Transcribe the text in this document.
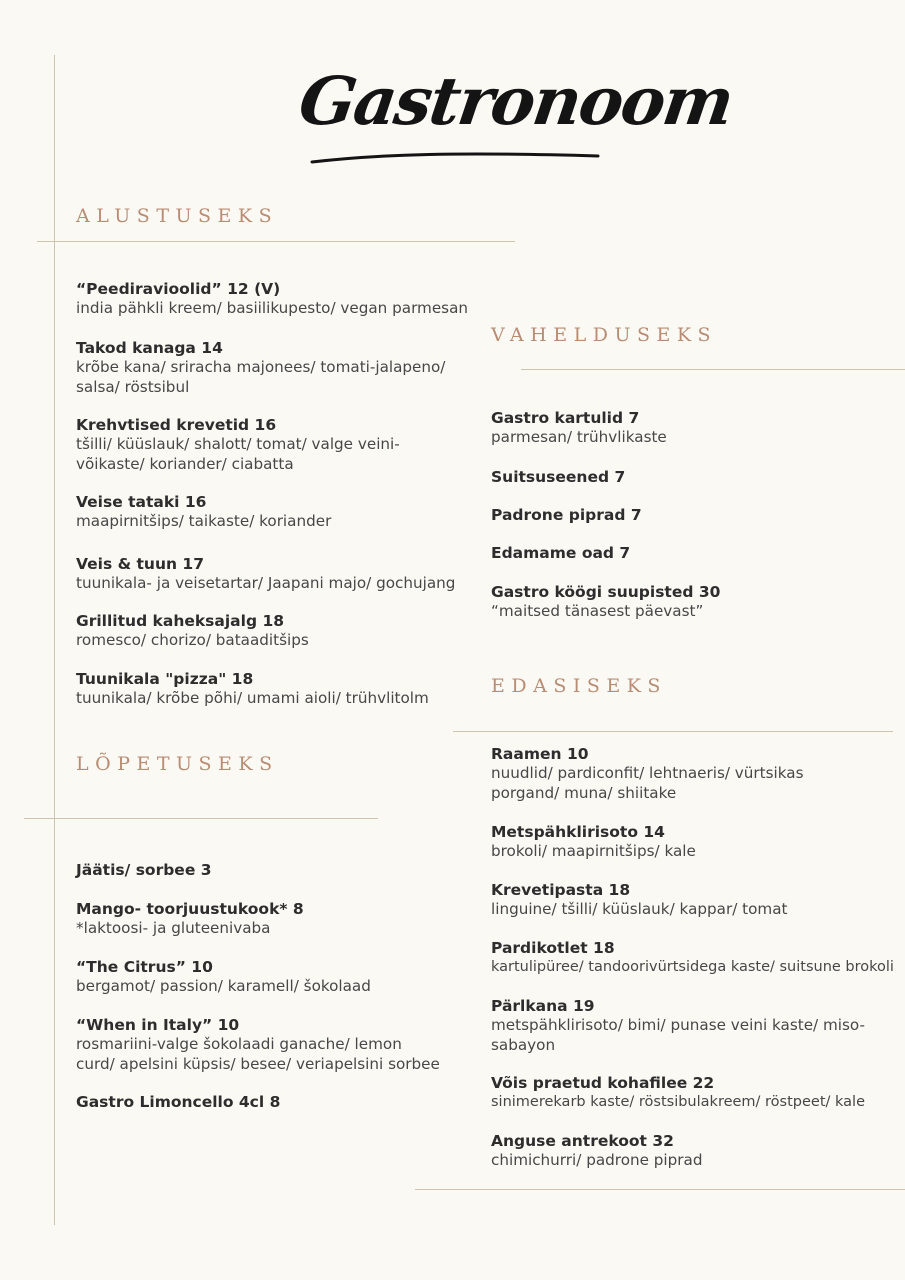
Gastronoom
ALUSTUSEKS
VAHELDUSEKS
EDASISEKS
LÕPETUSEKS
“Peediravioolid” 12 (V)
india pähkli kreem/ basiilikupesto/ vegan parmesan
Takod kanaga 14
krõbe kana/ sriracha majonees/ tomati-jalapeno/ salsa/ röstsibul
Krehvtised krevetid 16
tšilli/ küüslauk/ shalott/ tomat/ valge veini-võikaste/ koriander/ ciabatta
Veise tataki 16
maapirnitšips/ taikaste/ koriander
Veis & tuun 17
tuunikala- ja veisetartar/ Jaapani majo/ gochujang
Grillitud kaheksajalg 18
romesco/ chorizo/ bataaditšips
Tuunikala "pizza" 18
tuunikala/ krõbe põhi/ umami aioli/ trühvlitolm
Gastro kartulid 7
parmesan/ trühvlikaste
Suitsuseened 7
Padrone piprad 7
Edamame oad 7
Gastro köögi suupisted 30
“maitsed tänasest päevast”
Raamen 10
nuudlid/ pardiconfit/ lehtnaeris/ vürtsikas porgand/ muna/ shiitake
Metspähklirisoto 14
brokoli/ maapirnitšips/ kale
Krevetipasta 18
linguine/ tšilli/ küüslauk/ kappar/ tomat
Pardikotlet 18
kartulipüree/ tandoorivürtsidega kaste/ suitsune brokoli
Pärlkana 19
metspähklirisoto/ bimi/ punase veini kaste/ miso-sabayon
Võis praetud kohafilee 22
sinimerekarb kaste/ röstsibulakreem/ röstpeet/ kale
Anguse antrekoot 32
chimichurri/ padrone piprad
Jäätis/ sorbee 3
Mango- toorjuustukook* 8
*laktoosi- ja gluteenivaba
“The Citrus” 10
bergamot/ passion/ karamell/ šokolaad
“When in Italy” 10
rosmariini-valge šokolaadi ganache/ lemon curd/ apelsini küpsis/ besee/ veriapelsini sorbee
Gastro Limoncello 4cl 8
